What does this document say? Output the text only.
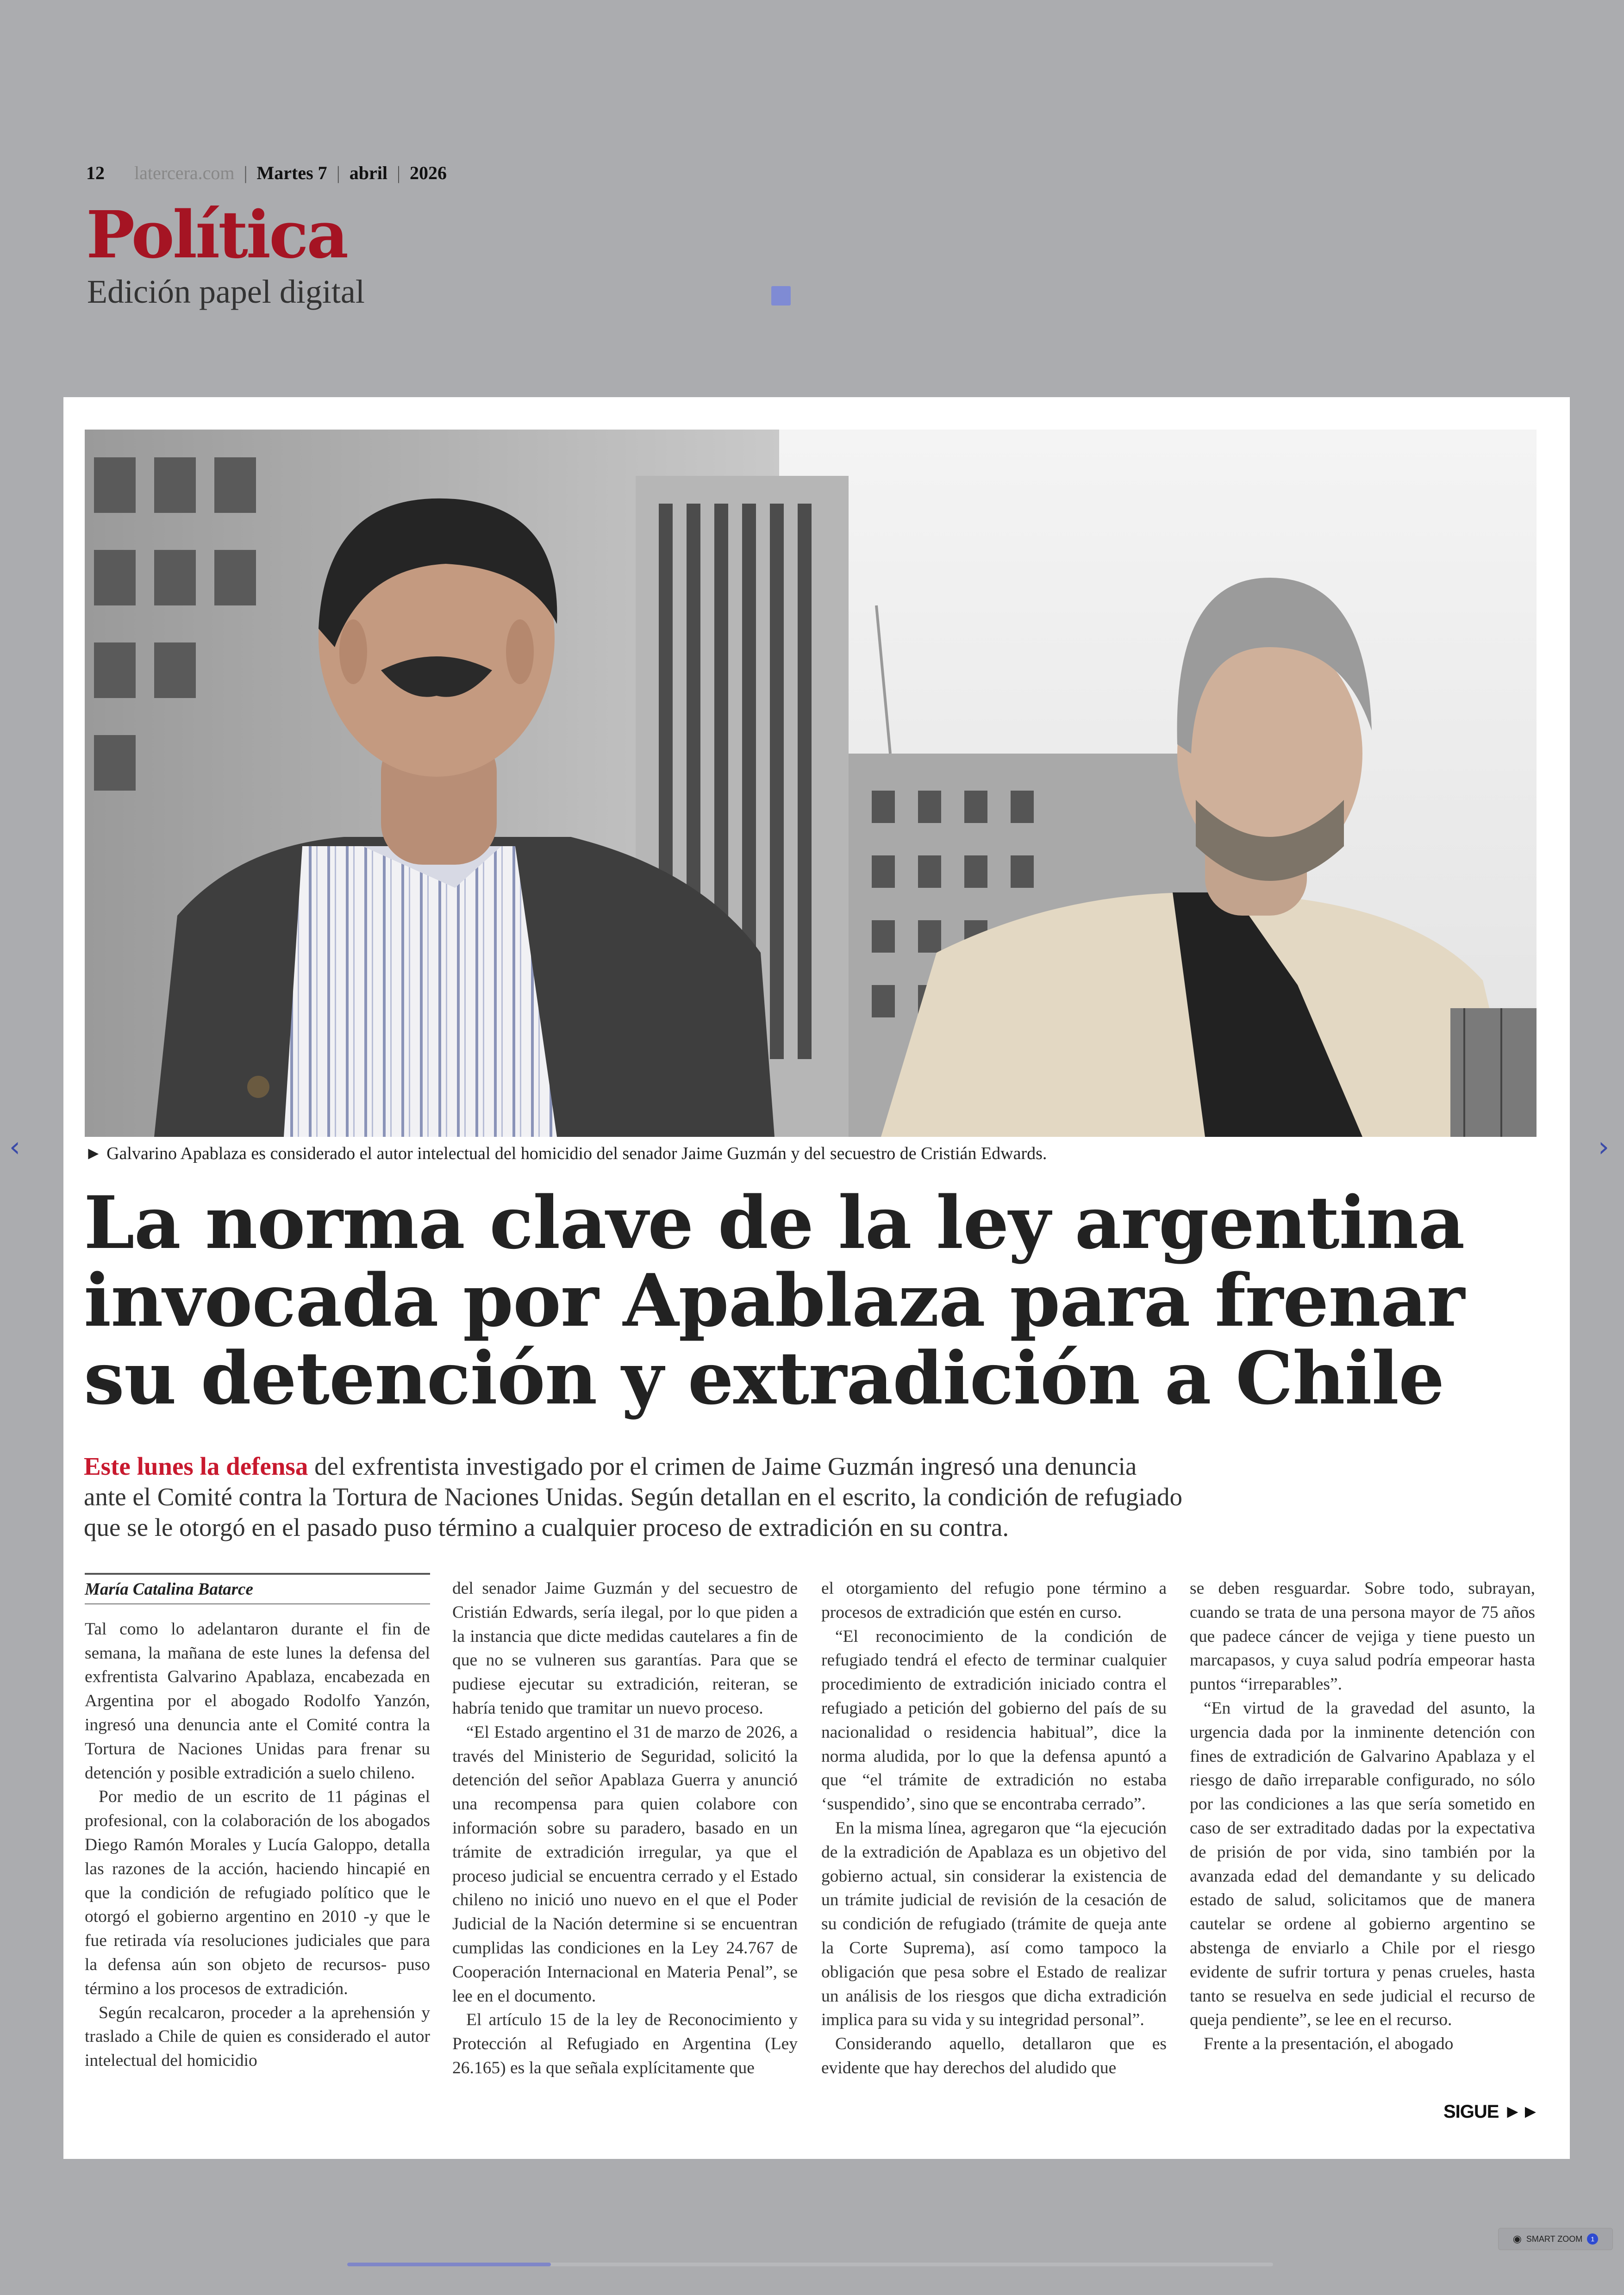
12 latercera.com | Martes 7 | abril | 2026
Política
Edición papel digital
► Galvarino Apablaza es considerado el autor intelectual del homicidio del senador Jaime Guzmán y del secuestro de Cristián Edwards.
La norma clave de la ley argentina
invocada por Apablaza para frenar
su detención y extradición a Chile
Este lunes la defensa del exfrentista investigado por el crimen de Jaime Guzmán ingresó una denuncia
ante el Comité contra la Tortura de Naciones Unidas. Según detallan en el escrito, la condición de refugiado
que se le otorgó en el pasado puso término a cualquier proceso de extradición en su contra.
María Catalina Batarce

Tal como lo adelantaron durante el fin de semana, la mañana de este lunes la defensa del exfrentista Galvarino Apablaza, encabezada en Argentina por el abogado Rodolfo Yanzón, ingresó una denuncia ante el Comité contra la Tortura de Naciones Unidas para frenar su detención y posible extradición a suelo chileno.

Por medio de un escrito de 11 páginas el profesional, con la colaboración de los abogados Diego Ramón Morales y Lucía Galoppo, detalla las razones de la acción, haciendo hincapié en que la condición de refugiado político que le otorgó el gobierno argentino en 2010 -y que le fue retirada vía resoluciones judiciales que para la defensa aún son objeto de recursos- puso término a los procesos de extradición.

Según recalcaron, proceder a la aprehensión y traslado a Chile de quien es considerado el autor intelectual del homicidio

del senador Jaime Guzmán y del secuestro de Cristián Edwards, sería ilegal, por lo que piden a la instancia que dicte medidas cautelares a fin de que no se vulneren sus garantías. Para que se pudiese ejecutar su extradición, reiteran, se habría tenido que tramitar un nuevo proceso.

“El Estado argentino el 31 de marzo de 2026, a través del Ministerio de Seguridad, solicitó la detención del señor Apablaza Guerra y anunció una recompensa para quien colabore con información sobre su paradero, basado en un trámite de extradición irregular, ya que el proceso judicial se encuentra cerrado y el Estado chileno no inició uno nuevo en el que el Poder Judicial de la Nación determine si se encuentran cumplidas las condiciones en la Ley 24.767 de Cooperación Internacional en Materia Penal”, se lee en el documento.

El artículo 15 de la ley de Reconocimiento y Protección al Refugiado en Argentina (Ley 26.165) es la que señala explícitamente que

el otorgamiento del refugio pone término a procesos de extradición que estén en curso.

“El reconocimiento de la condición de refugiado tendrá el efecto de terminar cualquier procedimiento de extradición iniciado contra el refugiado a petición del gobierno del país de su nacionalidad o residencia habitual”, dice la norma aludida, por lo que la defensa apuntó a que “el trámite de extradición no estaba ‘suspendido’, sino que se encontraba cerrado”.

En la misma línea, agregaron que “la ejecución de la extradición de Apablaza es un objetivo del gobierno actual, sin considerar la existencia de un trámite judicial de revisión de la cesación de su condición de refugiado (trámite de queja ante la Corte Suprema), así como tampoco la obligación que pesa sobre el Estado de realizar un análisis de los riesgos que dicha extradición implica para su vida y su integridad personal”.

Considerando aquello, detallaron que es evidente que hay derechos del aludido que

se deben resguardar. Sobre todo, subrayan, cuando se trata de una persona mayor de 75 años que padece cáncer de vejiga y tiene puesto un marcapasos, y cuya salud podría empeorar hasta puntos “irreparables”.

“En virtud de la gravedad del asunto, la urgencia dada por la inminente detención con fines de extradición de Galvarino Apablaza y el riesgo de daño irreparable configurado, no sólo por las condiciones a las que sería sometido en caso de ser extraditado dadas por la expectativa de prisión de por vida, sino también por la avanzada edad del demandante y su delicado estado de salud, solicitamos que de manera cautelar se ordene al gobierno argentino se abstenga de enviarlo a Chile por el riesgo evidente de sufrir tortura y penas crueles, hasta tanto se resuelva en sede judicial el recurso de queja pendiente”, se lee en el recurso.

Frente a la presentación, el abogado

SIGUE ►►
‹	›
◉ SMART ZOOM	1
